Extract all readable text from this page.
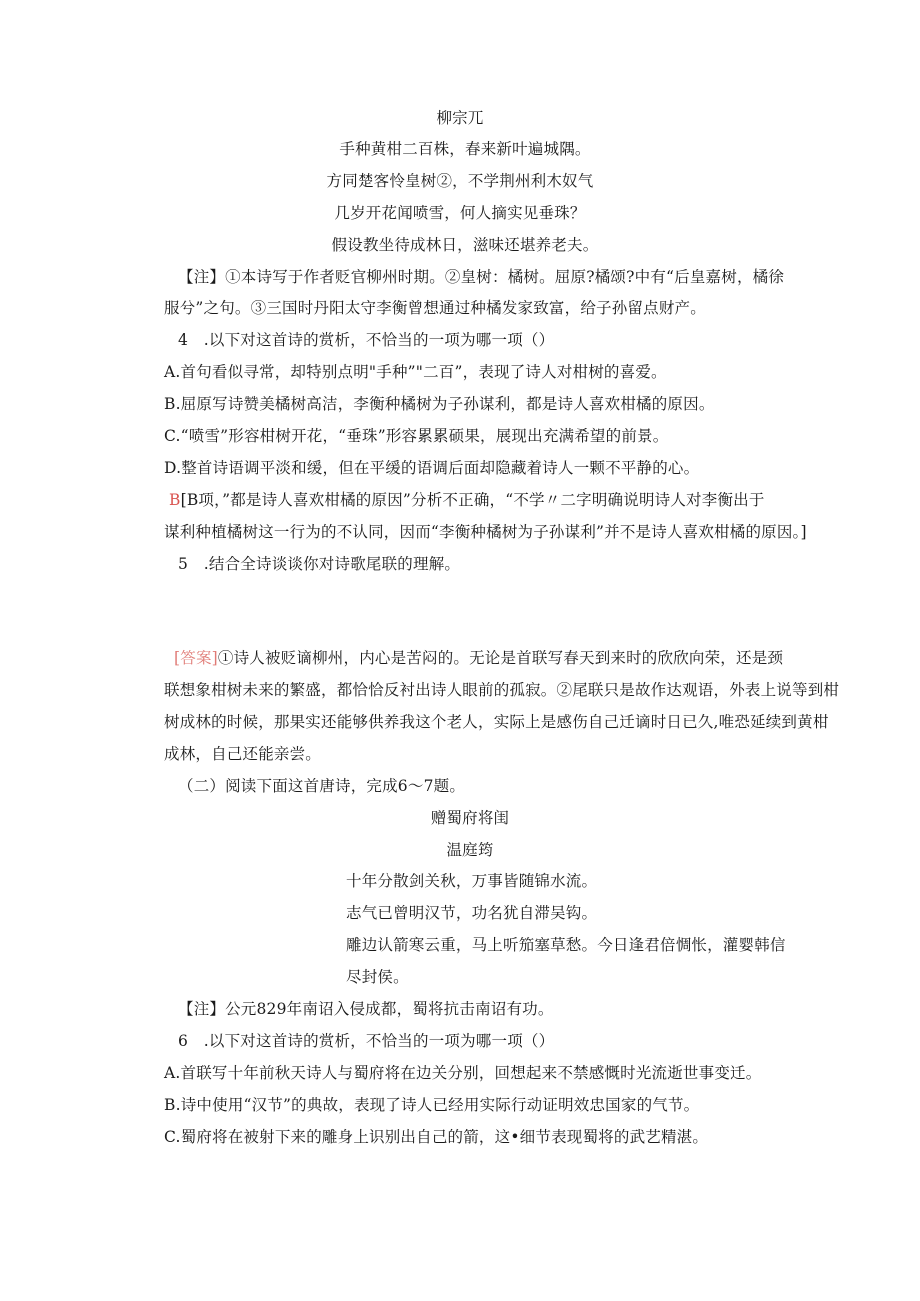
柳宗兀
手种黄柑二百株，春来新叶遍城隅。
方同楚客怜皇树②，不学荆州利木奴气
几岁开花闻喷雪，何人摘实见垂珠？
假设教坐待成林日，滋味还堪养老夫。
【注】①本诗写于作者贬官柳州时期。②皇树：橘树。屈原?橘颂?中有“后皇嘉树，橘徐
服兮”之句。③三国时丹阳太守李衡曾想通过种橘发家致富，给子孙留点财产。
4　.以下对这首诗的赏析，不恰当的一项为哪一项（）
A.首句看似寻常，却特别点明"手种”"二百”，表现了诗人对柑树的喜爱。
B.屈原写诗赞美橘树高洁，李衡种橘树为子孙谋利，都是诗人喜欢柑橘的原因。
C.“喷雪”形容柑树开花，“垂珠”形容累累硕果，展现出充满希望的前景。
D.整首诗语调平淡和缓，但在平缓的语调后面却隐藏着诗人一颗不平静的心。
B[B项，”都是诗人喜欢柑橘的原因”分析不正确，“不学〃二字明确说明诗人对李衡出于
谋利种植橘树这一行为的不认同，因而“李衡种橘树为子孙谋利”并不是诗人喜欢柑橘的原因。]
5　.结合全诗谈谈你对诗歌尾联的理解。
[答案]①诗人被贬谪柳州，内心是苦闷的。无论是首联写春天到来时的欣欣向荣，还是颈
联想象柑树未来的繁盛，都恰恰反衬出诗人眼前的孤寂。②尾联只是故作达观语，外表上说等到柑
树成林的时候，那果实还能够供养我这个老人，实际上是感伤自己迁谪时日已久,唯恐延续到黄柑
成林，自己还能亲尝。
（二）阅读下面这首唐诗，完成6～7题。
赠蜀府将闺
温庭筠
十年分散剑关秋，万事皆随锦水流。
志气已曾明汉节，功名犹自滞吴钩。
雕边认箭寒云重，马上听笳塞草愁。今日逢君倍惆怅，灌婴韩信
尽封侯。
【注】公元829年南诏入侵成都，蜀将抗击南诏有功。
6　.以下对这首诗的赏析，不恰当的一项为哪一项（）
A.首联写十年前秋天诗人与蜀府将在边关分别，回想起来不禁感慨时光流逝世事变迁。
B.诗中使用“汉节”的典故，表现了诗人已经用实际行动证明效忠国家的气节。
C.蜀府将在被射下来的雕身上识别出自己的箭，这•细节表现蜀将的武艺精湛。
